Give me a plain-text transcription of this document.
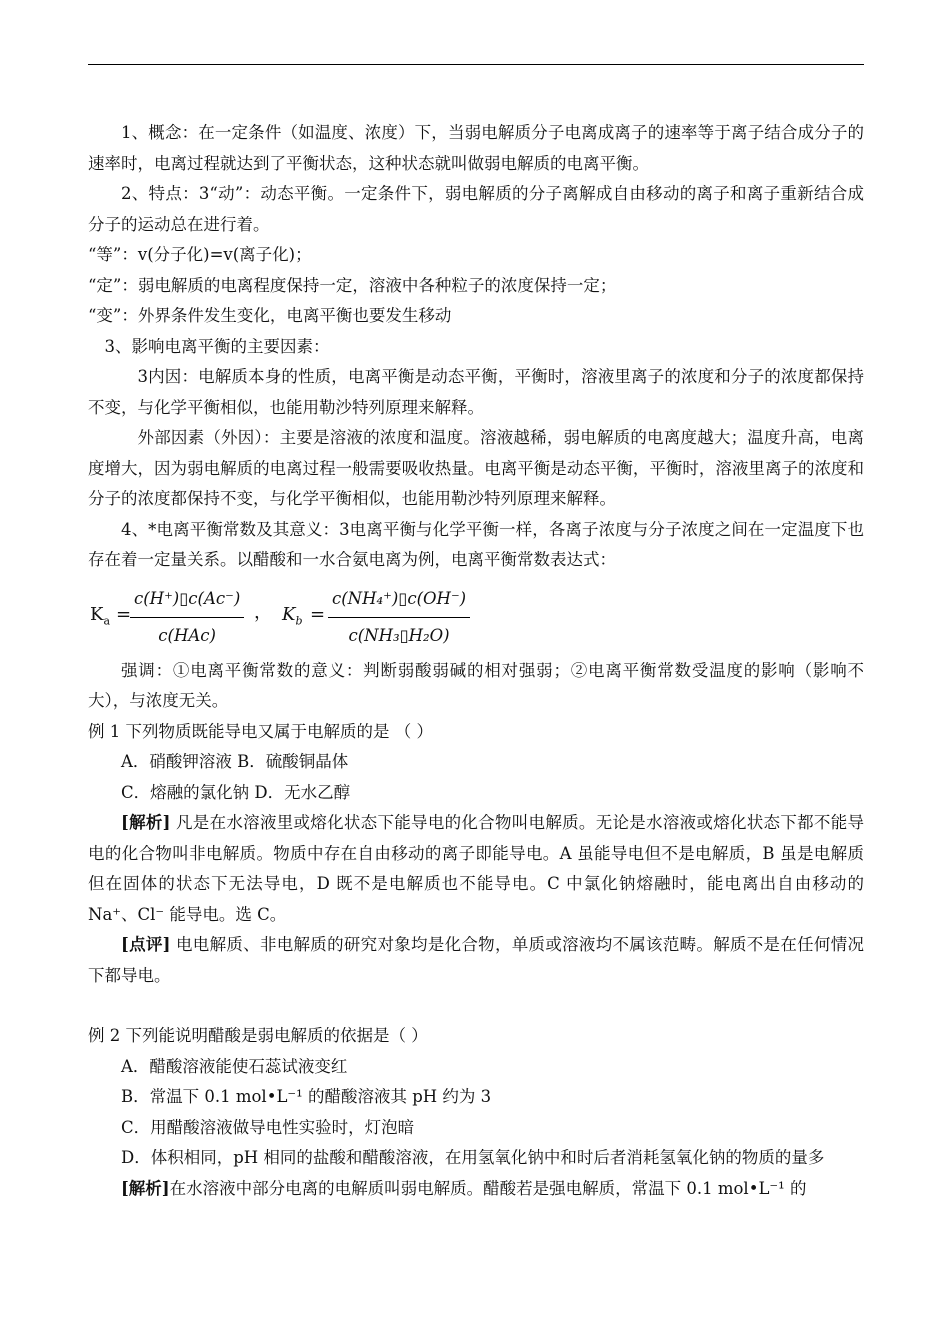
1、概念：在一定条件（如温度、浓度）下，当弱电解质分子电离成离子的速率等于离子结合成分子的速率时，电离过程就达到了平衡状态，这种状态就叫做弱电解质的电离平衡。

2、特点：3“动”：动态平衡。一定条件下，弱电解质的分子离解成自由移动的离子和离子重新结合成分子的运动总在进行着。

“等”：v(分子化)=v(离子化)；

“定”：弱电解质的电离程度保持一定，溶液中各种粒子的浓度保持一定；

“变”：外界条件发生变化，电离平衡也要发生移动

3、影响电离平衡的主要因素：

3内因：电解质本身的性质，电离平衡是动态平衡，平衡时，溶液里离子的浓度和分子的浓度都保持不变，与化学平衡相似，也能用勒沙特列原理来解释。

外部因素（外因）：主要是溶液的浓度和温度。溶液越稀，弱电解质的电离度越大；温度升高，电离度增大，因为弱电解质的电离过程一般需要吸收热量。电离平衡是动态平衡，平衡时，溶液里离子的浓度和分子的浓度都保持不变，与化学平衡相似，也能用勒沙特列原理来解释。

4、*电离平衡常数及其意义：3电离平衡与化学平衡一样，各离子浓度与分子浓度之间在一定温度下也存在着一定量关系。以醋酸和一水合氨电离为例，电离平衡常数表达式：

$K_a$ =
c(H⁺)▯c(Ac⁻)
c(HAc)
， $K_b = \frac{\text{c(NH₄⁺)▯c(OH⁻)}}{\text{c(NH₃▯H₂O)}}$

强调：①电离平衡常数的意义：判断弱酸弱碱的相对强弱；②电离平衡常数受温度的影响（影响不大），与浓度无关。

例 1 下列物质既能导电又属于电解质的是 （ ）

A．硝酸钾溶液 B．硫酸铜晶体

C．熔融的氯化钠 D．无水乙醇

[解析] 凡是在水溶液里或熔化状态下能导电的化合物叫电解质。无论是水溶液或熔化状态下都不能导电的化合物叫非电解质。物质中存在自由移动的离子即能导电。A 虽能导电但不是电解质，B 虽是电解质但在固体的状态下无法导电，D 既不是电解质也不能导电。C 中氯化钠熔融时，能电离出自由移动的 Na⁺、Cl⁻ 能导电。选 C。

[点评] 电电解质、非电解质的研究对象均是化合物，单质或溶液均不属该范畴。解质不是在任何情况下都导电。

例 2 下列能说明醋酸是弱电解质的依据是（ ）

A．醋酸溶液能使石蕊试液变红

B．常温下 0.1 mol•L⁻¹ 的醋酸溶液其 pH 约为 3

C．用醋酸溶液做导电性实验时，灯泡暗

D．体积相同，pH 相同的盐酸和醋酸溶液，在用氢氧化钠中和时后者消耗氢氧化钠的物质的量多

[解析]在水溶液中部分电离的电解质叫弱电解质。醋酸若是强电解质，常温下 0.1 mol•L⁻¹ 的
